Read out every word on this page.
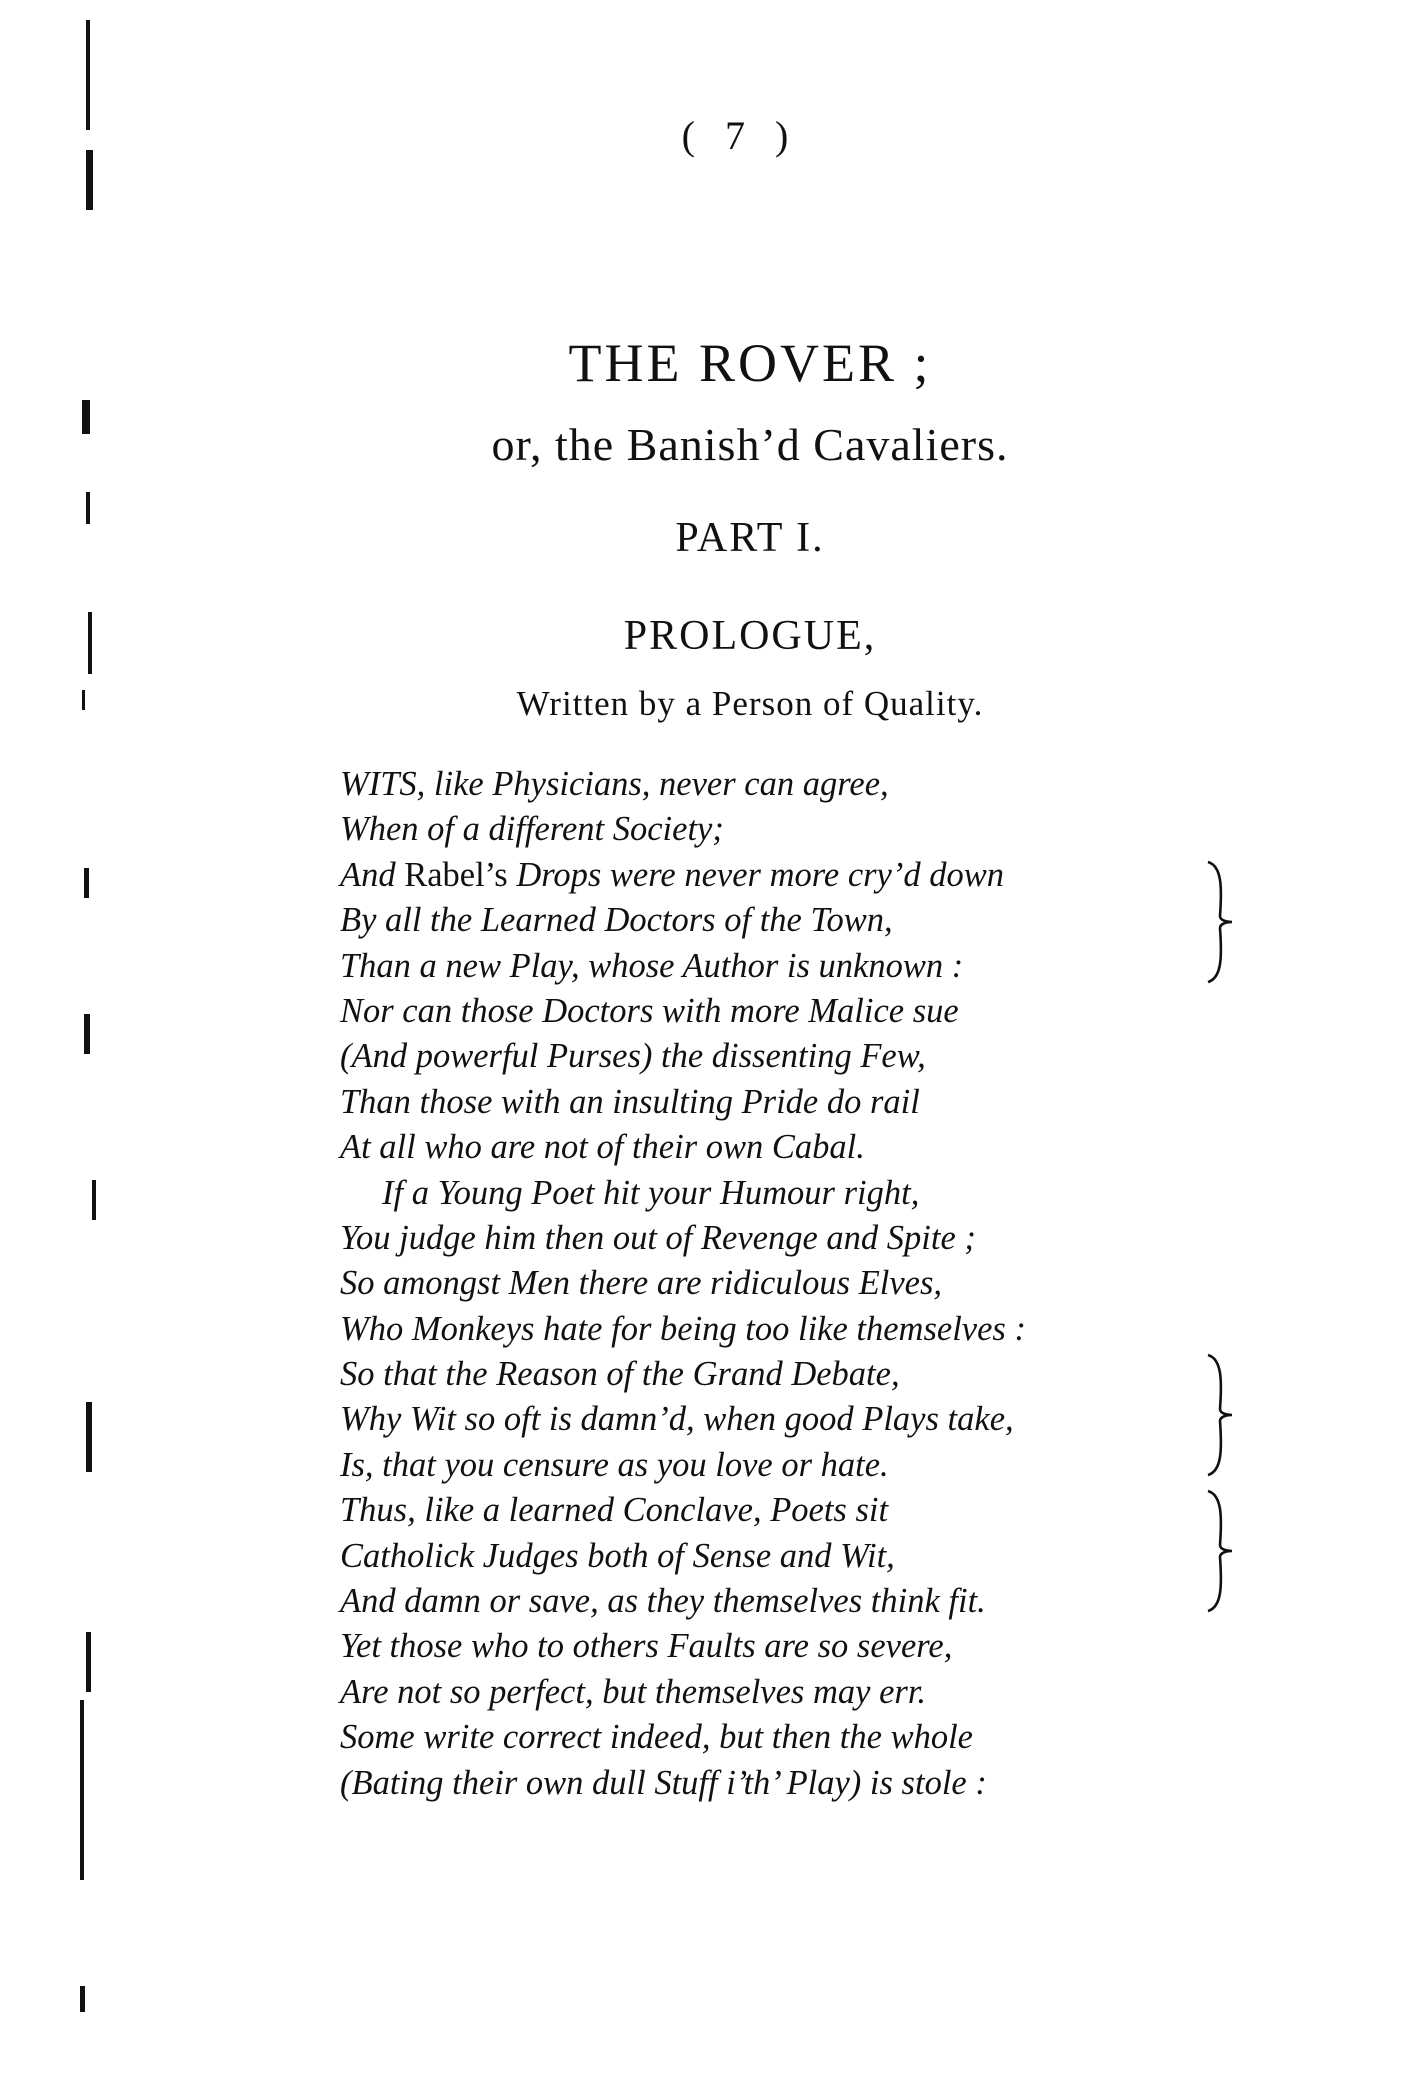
( 7 )
THE ROVER ;
or, the Banish’d Cavaliers.
PART I.
PROLOGUE,
Written by a Person of Quality.
WITS, like Physicians, never can agree,
When of a different Society;
And Rabel’s Drops were never more cry’d down
By all the Learned Doctors of the Town,
Than a new Play, whose Author is unknown :
Nor can those Doctors with more Malice sue
(And powerful Purses) the dissenting Few,
Than those with an insulting Pride do rail
At all who are not of their own Cabal.
If a Young Poet hit your Humour right,
You judge him then out of Revenge and Spite ;
So amongst Men there are ridiculous Elves,
Who Monkeys hate for being too like themselves :
So that the Reason of the Grand Debate,
Why Wit so oft is damn’d, when good Plays take,
Is, that you censure as you love or hate.
Thus, like a learned Conclave, Poets sit
Catholick Judges both of Sense and Wit,
And damn or save, as they themselves think fit.
Yet those who to others Faults are so severe,
Are not so perfect, but themselves may err.
Some write correct indeed, but then the whole
(Bating their own dull Stuff i’th’ Play) is stole :
